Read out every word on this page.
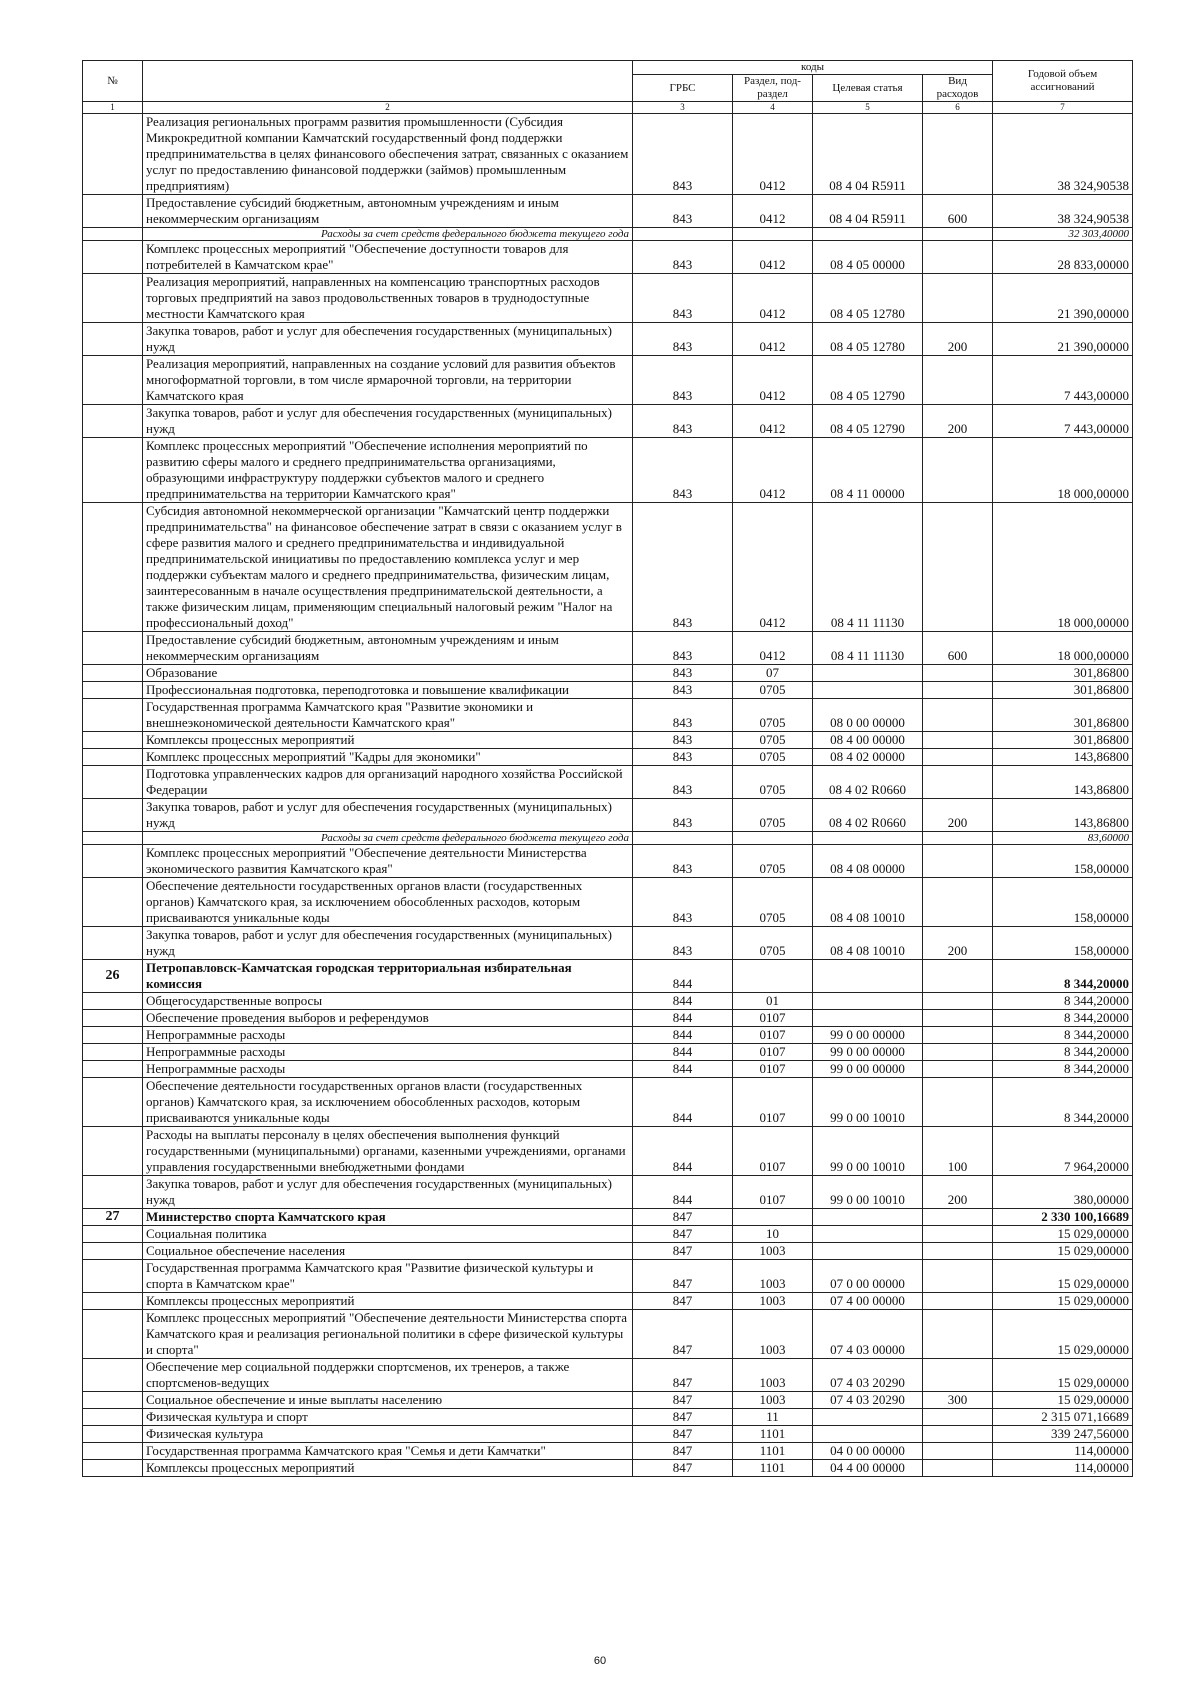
№		коды				Годовой объем ассигнований
		ГРБС	Раздел, под-раздел	Целевая статья	Вид расходов	
1	2	3	4	5	6	7
	Реализация региональных программ развития промышленности (Субсидия Микрокредитной компании Камчатский государственный фонд поддержки предпринимательства в целях финансового обеспечения затрат, связанных с оказанием услуг по предоставлению финансовой поддержки (займов) промышленным предприятиям)	843	0412	08 4 04 R5911		38 324,90538
	Предоставление субсидий бюджетным, автономным учреждениям и иным некоммерческим организациям	843	0412	08 4 04 R5911	600	38 324,90538
	Расходы за счет средств федерального бюджета текущего года					32 303,40000
	Комплекс процессных мероприятий "Обеспечение доступности товаров для потребителей в Камчатском крае"	843	0412	08 4 05 00000		28 833,00000
	Реализация мероприятий, направленных на компенсацию транспортных расходов торговых предприятий на завоз продовольственных товаров в труднодоступные местности Камчатского края	843	0412	08 4 05 12780		21 390,00000
	Закупка товаров, работ и услуг для обеспечения государственных (муниципальных) нужд	843	0412	08 4 05 12780	200	21 390,00000
	Реализация мероприятий, направленных на создание условий для развития объектов многоформатной торговли, в том числе ярмарочной торговли, на территории Камчатского края	843	0412	08 4 05 12790		7 443,00000
	Закупка товаров, работ и услуг для обеспечения государственных (муниципальных) нужд	843	0412	08 4 05 12790	200	7 443,00000
	Комплекс процессных мероприятий "Обеспечение исполнения мероприятий по развитию сферы малого и среднего предпринимательства организациями, образующими инфраструктуру поддержки субъектов малого и среднего предпринимательства на территории Камчатского края"	843	0412	08 4 11 00000		18 000,00000
	Субсидия автономной некоммерческой организации "Камчатский центр поддержки предпринимательства" на финансовое обеспечение затрат в связи с оказанием услуг в сфере развития малого и среднего предпринимательства и индивидуальной предпринимательской инициативы по предоставлению комплекса услуг и мер поддержки субъектам малого и среднего предпринимательства, физическим лицам, заинтересованным в начале осуществления предпринимательской деятельности, а также физическим лицам, применяющим специальный налоговый режим "Налог на профессиональный доход"	843	0412	08 4 11 11130		18 000,00000
	Предоставление субсидий бюджетным, автономным учреждениям и иным некоммерческим организациям	843	0412	08 4 11 11130	600	18 000,00000
	Образование	843	07			301,86800
	Профессиональная подготовка, переподготовка и повышение квалификации	843	0705			301,86800
	Государственная программа Камчатского края "Развитие экономики и внешнеэкономической деятельности Камчатского края"	843	0705	08 0 00 00000		301,86800
	Комплексы процессных мероприятий	843	0705	08 4 00 00000		301,86800
	Комплекс процессных мероприятий "Кадры для экономики"	843	0705	08 4 02 00000		143,86800
	Подготовка управленческих кадров для организаций народного хозяйства Российской Федерации	843	0705	08 4 02 R0660		143,86800
	Закупка товаров, работ и услуг для обеспечения государственных (муниципальных) нужд	843	0705	08 4 02 R0660	200	143,86800
	Расходы за счет средств федерального бюджета текущего года					83,60000
	Комплекс процессных мероприятий "Обеспечение деятельности Министерства экономического развития Камчатского края"	843	0705	08 4 08 00000		158,00000
	Обеспечение деятельности государственных органов власти (государственных органов) Камчатского края, за исключением обособленных расходов, которым присваиваются уникальные коды	843	0705	08 4 08 10010		158,00000
	Закупка товаров, работ и услуг для обеспечения государственных (муниципальных) нужд	843	0705	08 4 08 10010	200	158,00000
26	Петропавловск-Камчатская городская территориальная избирательная комиссия	844				8 344,20000
	Общегосударственные вопросы	844	01			8 344,20000
	Обеспечение проведения выборов и референдумов	844	0107			8 344,20000
	Непрограммные расходы	844	0107	99 0 00 00000		8 344,20000
	Непрограммные расходы	844	0107	99 0 00 00000		8 344,20000
	Непрограммные расходы	844	0107	99 0 00 00000		8 344,20000
	Обеспечение деятельности государственных органов власти (государственных органов) Камчатского края, за исключением обособленных расходов, которым присваиваются уникальные коды	844	0107	99 0 00 10010		8 344,20000
	Расходы на выплаты персоналу в целях обеспечения выполнения функций государственными (муниципальными) органами, казенными учреждениями, органами управления государственными внебюджетными фондами	844	0107	99 0 00 10010	100	7 964,20000
	Закупка товаров, работ и услуг для обеспечения государственных (муниципальных) нужд	844	0107	99 0 00 10010	200	380,00000
27	Министерство спорта Камчатского края	847				2 330 100,16689
	Социальная политика	847	10			15 029,00000
	Социальное обеспечение населения	847	1003			15 029,00000
	Государственная программа Камчатского края "Развитие физической культуры и спорта в Камчатском крае"	847	1003	07 0 00 00000		15 029,00000
	Комплексы процессных мероприятий	847	1003	07 4 00 00000		15 029,00000
	Комплекс процессных мероприятий "Обеспечение деятельности Министерства спорта Камчатского края и реализация региональной политики в сфере физической культуры и спорта"	847	1003	07 4 03 00000		15 029,00000
	Обеспечение мер социальной поддержки спортсменов, их тренеров, а также спортсменов-ведущих	847	1003	07 4 03 20290		15 029,00000
	Социальное обеспечение и иные выплаты населению	847	1003	07 4 03 20290	300	15 029,00000
	Физическая культура и спорт	847	11			2 315 071,16689
	Физическая культура	847	1101			339 247,56000
	Государственная программа Камчатского края "Семья и дети Камчатки"	847	1101	04 0 00 00000		114,00000
	Комплексы процессных мероприятий	847	1101	04 4 00 00000		114,00000
60
